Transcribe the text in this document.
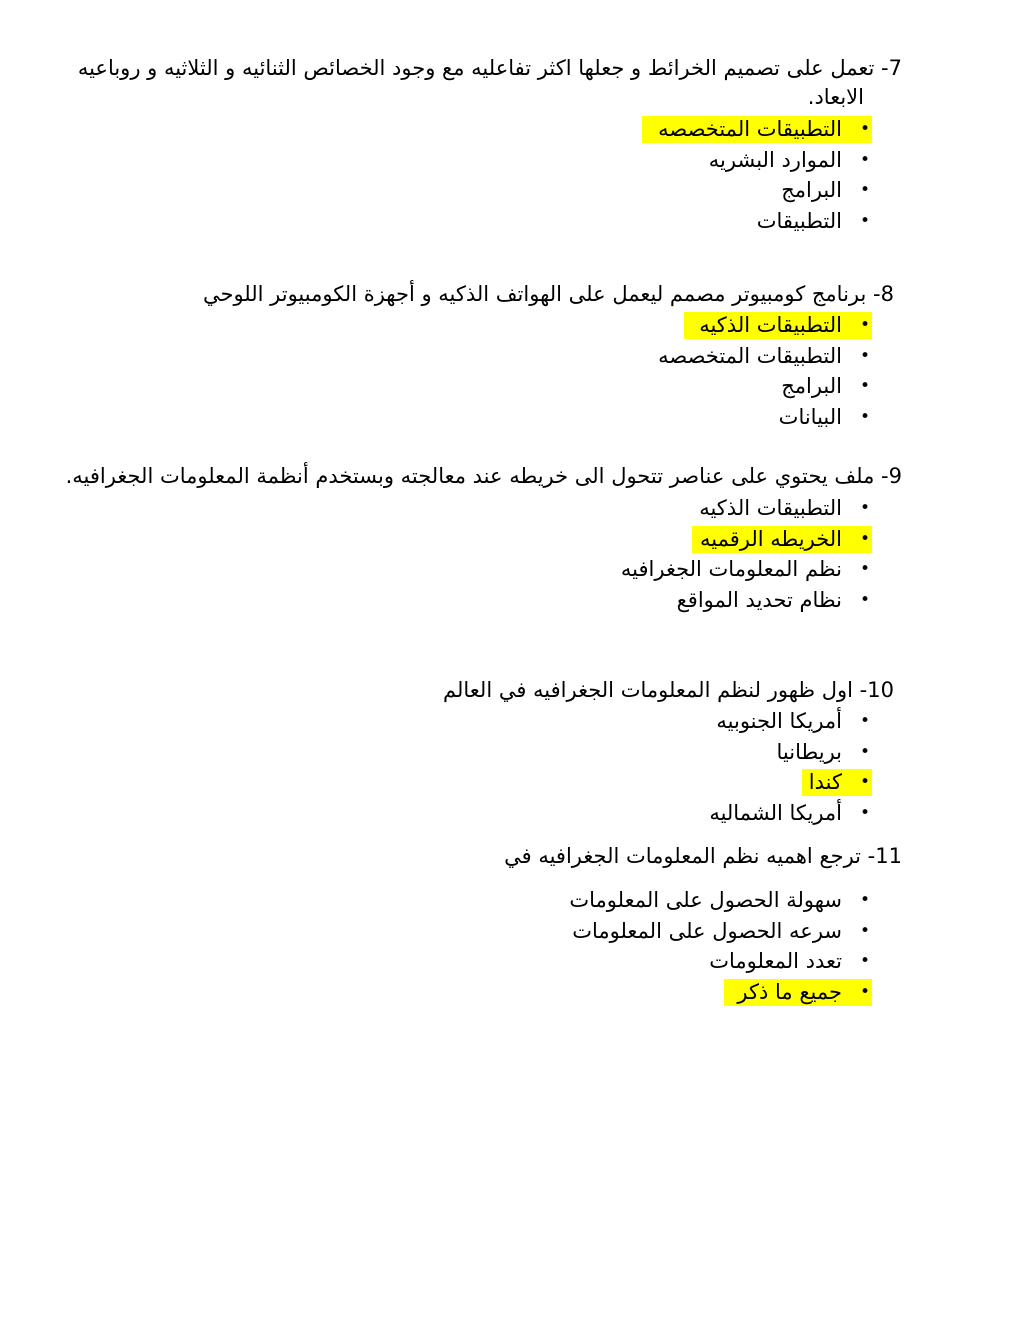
7- تعمل على تصميم الخرائط و جعلها اكثر تفاعليه مع وجود الخصائص الثنائيه و الثلاثيه و روباعيه الابعاد.

•
التطبيقات المتخصصه
•
الموارد البشريه
•
البرامج
•
التطبيقات

8- برنامج كومبيوتر مصمم ليعمل على الهواتف الذكيه و أجهزة الكومبيوتر اللوحي

•
التطبيقات الذكيه
•
التطبيقات المتخصصه
•
البرامج
•
البيانات

9- ملف يحتوي على عناصر تتحول الى خريطه عند معالجته وبستخدم أنظمة المعلومات الجغرافيه.

•
التطبيقات الذكيه
•
الخريطه الرقميه
•
نظم المعلومات الجغرافيه
•
نظام تحديد المواقع

10- اول ظهور لنظم المعلومات الجغرافيه في العالم

•
أمريكا الجنوبيه
•
بريطانيا
•
كندا
•
أمريكا الشماليه

11- ترجع اهميه نظم المعلومات الجغرافيه في

•
سهولة الحصول على المعلومات
•
سرعه الحصول على المعلومات
•
تعدد المعلومات
•
جميع ما ذكر
